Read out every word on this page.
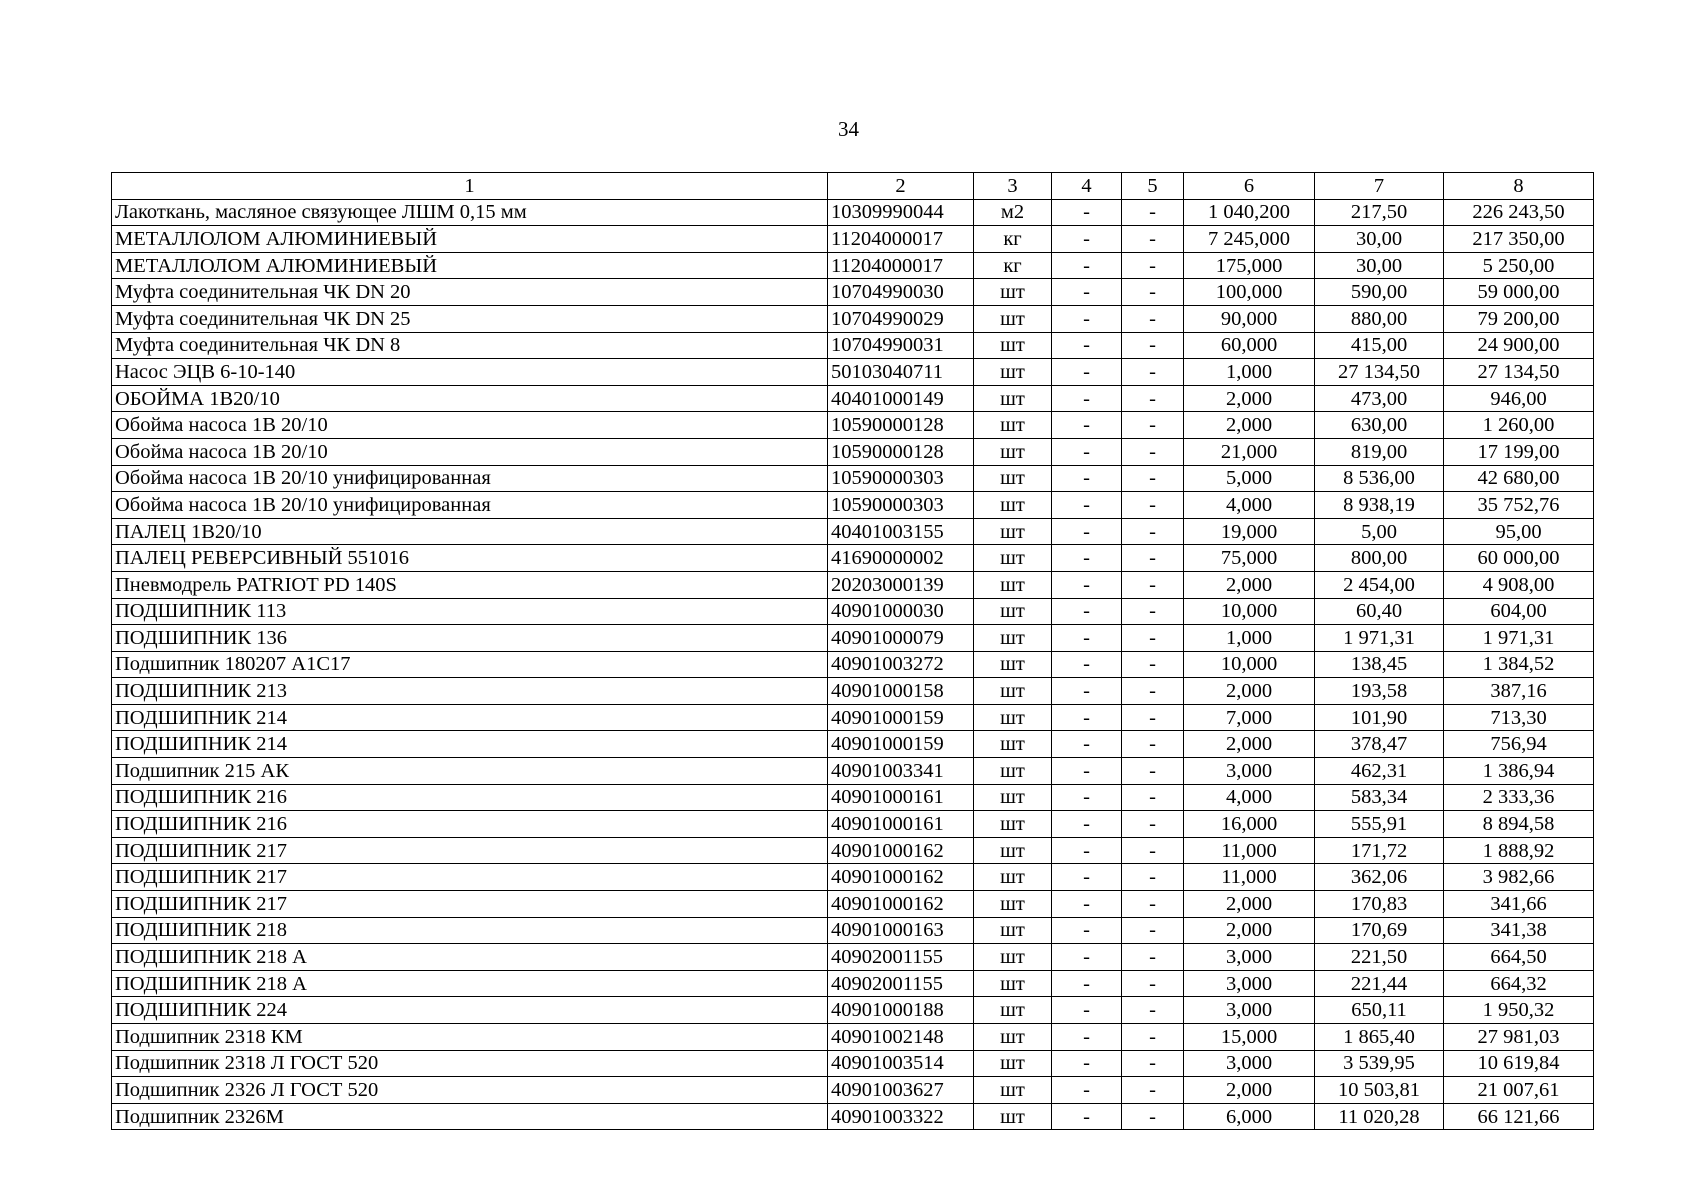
34
1	2	3	4	5	6	7	8
Лакоткань, масляное связующее ЛШМ 0,15 мм	10309990044	м2	-	-	1 040,200	217,50	226 243,50
МЕТАЛЛОЛОМ АЛЮМИНИЕВЫЙ	11204000017	кг	-	-	7 245,000	30,00	217 350,00
МЕТАЛЛОЛОМ АЛЮМИНИЕВЫЙ	11204000017	кг	-	-	175,000	30,00	5 250,00
Муфта соединительная ЧК DN 20	10704990030	шт	-	-	100,000	590,00	59 000,00
Муфта соединительная ЧК DN 25	10704990029	шт	-	-	90,000	880,00	79 200,00
Муфта соединительная ЧК DN 8	10704990031	шт	-	-	60,000	415,00	24 900,00
Насос ЭЦВ 6-10-140	50103040711	шт	-	-	1,000	27 134,50	27 134,50
ОБОЙМА 1В20/10	40401000149	шт	-	-	2,000	473,00	946,00
Обойма насоса 1В 20/10	10590000128	шт	-	-	2,000	630,00	1 260,00
Обойма насоса 1В 20/10	10590000128	шт	-	-	21,000	819,00	17 199,00
Обойма насоса 1В 20/10 унифицированная	10590000303	шт	-	-	5,000	8 536,00	42 680,00
Обойма насоса 1В 20/10 унифицированная	10590000303	шт	-	-	4,000	8 938,19	35 752,76
ПАЛЕЦ 1В20/10	40401003155	шт	-	-	19,000	5,00	95,00
ПАЛЕЦ РЕВЕРСИВНЫЙ 551016	41690000002	шт	-	-	75,000	800,00	60 000,00
Пневмодрель PATRIOT PD 140S	20203000139	шт	-	-	2,000	2 454,00	4 908,00
ПОДШИПНИК 113	40901000030	шт	-	-	10,000	60,40	604,00
ПОДШИПНИК 136	40901000079	шт	-	-	1,000	1 971,31	1 971,31
Подшипник 180207 А1С17	40901003272	шт	-	-	10,000	138,45	1 384,52
ПОДШИПНИК 213	40901000158	шт	-	-	2,000	193,58	387,16
ПОДШИПНИК 214	40901000159	шт	-	-	7,000	101,90	713,30
ПОДШИПНИК 214	40901000159	шт	-	-	2,000	378,47	756,94
Подшипник 215 АК	40901003341	шт	-	-	3,000	462,31	1 386,94
ПОДШИПНИК 216	40901000161	шт	-	-	4,000	583,34	2 333,36
ПОДШИПНИК 216	40901000161	шт	-	-	16,000	555,91	8 894,58
ПОДШИПНИК 217	40901000162	шт	-	-	11,000	171,72	1 888,92
ПОДШИПНИК 217	40901000162	шт	-	-	11,000	362,06	3 982,66
ПОДШИПНИК 217	40901000162	шт	-	-	2,000	170,83	341,66
ПОДШИПНИК 218	40901000163	шт	-	-	2,000	170,69	341,38
ПОДШИПНИК 218 А	40902001155	шт	-	-	3,000	221,50	664,50
ПОДШИПНИК 218 А	40902001155	шт	-	-	3,000	221,44	664,32
ПОДШИПНИК 224	40901000188	шт	-	-	3,000	650,11	1 950,32
Подшипник 2318 КМ	40901002148	шт	-	-	15,000	1 865,40	27 981,03
Подшипник 2318 Л ГОСТ 520	40901003514	шт	-	-	3,000	3 539,95	10 619,84
Подшипник 2326 Л ГОСТ 520	40901003627	шт	-	-	2,000	10 503,81	21 007,61
Подшипник 2326М	40901003322	шт	-	-	6,000	11 020,28	66 121,66
